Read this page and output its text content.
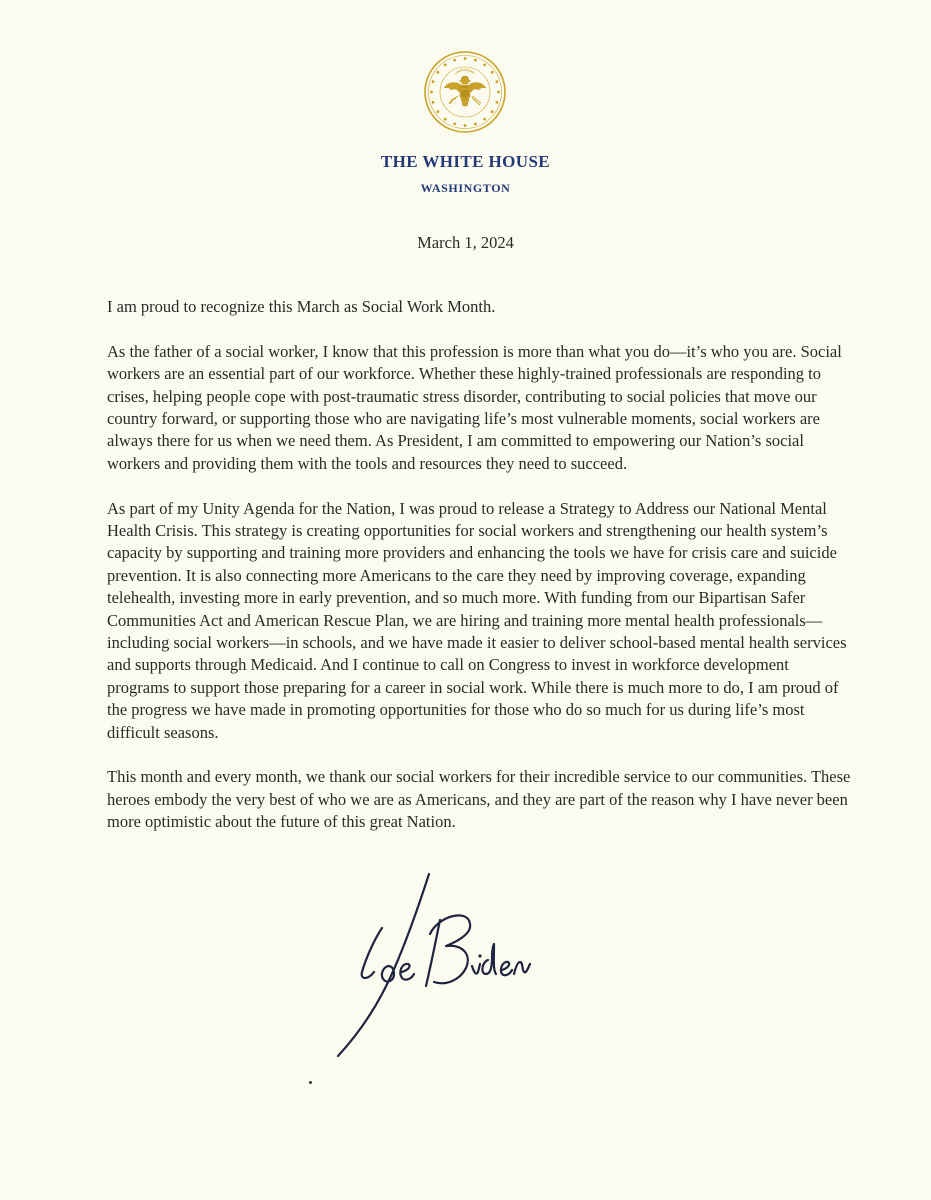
THE WHITE HOUSE
WASHINGTON
March 1, 2024

I am proud to recognize this March as Social Work Month.

As the father of a social worker, I know that this profession is more than what you do—it’s who you are. Social workers are an essential part of our workforce. Whether these highly-trained professionals are responding to crises, helping people cope with post-traumatic stress disorder, contributing to social policies that move our country forward, or supporting those who are navigating life’s most vulnerable moments, social workers are always there for us when we need them. As President, I am committed to empowering our Nation’s social workers and providing them with the tools and resources they need to succeed.

As part of my Unity Agenda for the Nation, I was proud to release a Strategy to Address our National Mental Health Crisis. This strategy is creating opportunities for social workers and strengthening our health system’s capacity by supporting and training more providers and enhancing the tools we have for crisis care and suicide prevention. It is also connecting more Americans to the care they need by improving coverage, expanding telehealth, investing more in early prevention, and so much more. With funding from our Bipartisan Safer Communities Act and American Rescue Plan, we are hiring and training more mental health professionals—including social workers—in schools, and we have made it easier to deliver school-based mental health services and supports through Medicaid. And I continue to call on Congress to invest in workforce development programs to support those preparing for a career in social work. While there is much more to do, I am proud of the progress we have made in promoting opportunities for those who do so much for us during life’s most difficult seasons.

This month and every month, we thank our social workers for their incredible service to our communities. These heroes embody the very best of who we are as Americans, and they are part of the reason why I have never been more optimistic about the future of this great Nation.
